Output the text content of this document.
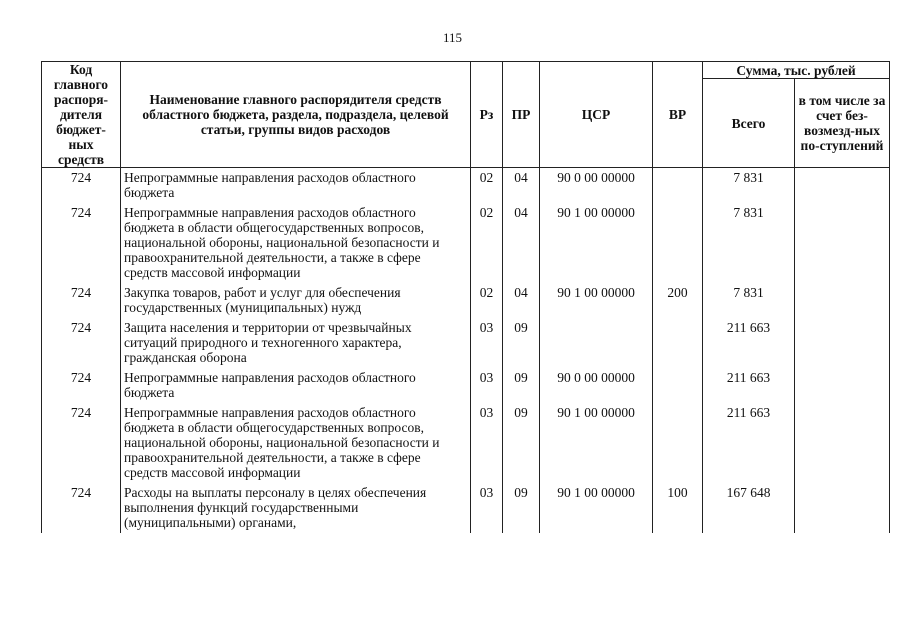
115
Код главного распоря-дителя бюджет-ных средств	Наименование главного распорядителя средств областного бюджета, раздела, подраздела, целевой статьи, группы видов расходов	Рз	ПР	ЦСР	ВР	Сумма, тыс. рублей	
						Всего	в том числе за счет без-возмезд-ных по-ступлений
724	Непрограммные направления расходов областного бюджета	02	04	90 0 00 00000		7 831	
724	Непрограммные направления расходов областного бюджета в области общегосударственных вопросов, национальной обороны, национальной безопасности и правоохранительной деятельности, а также в сфере средств массовой информации	02	04	90 1 00 00000		7 831	
724	Закупка товаров, работ и услуг для обеспечения государственных (муниципальных) нужд	02	04	90 1 00 00000	200	7 831	
724	Защита населения и территории от чрезвычайных ситуаций природного и техногенного характера, гражданская оборона	03	09			211 663	
724	Непрограммные направления расходов областного бюджета	03	09	90 0 00 00000		211 663	
724	Непрограммные направления расходов областного бюджета в области общегосударственных вопросов, национальной обороны, национальной безопасности и правоохранительной деятельности, а также в сфере средств массовой информации	03	09	90 1 00 00000		211 663	
724	Расходы на выплаты персоналу в целях обеспечения выполнения функций государственными (муниципальными) органами,	03	09	90 1 00 00000	100	167 648	
